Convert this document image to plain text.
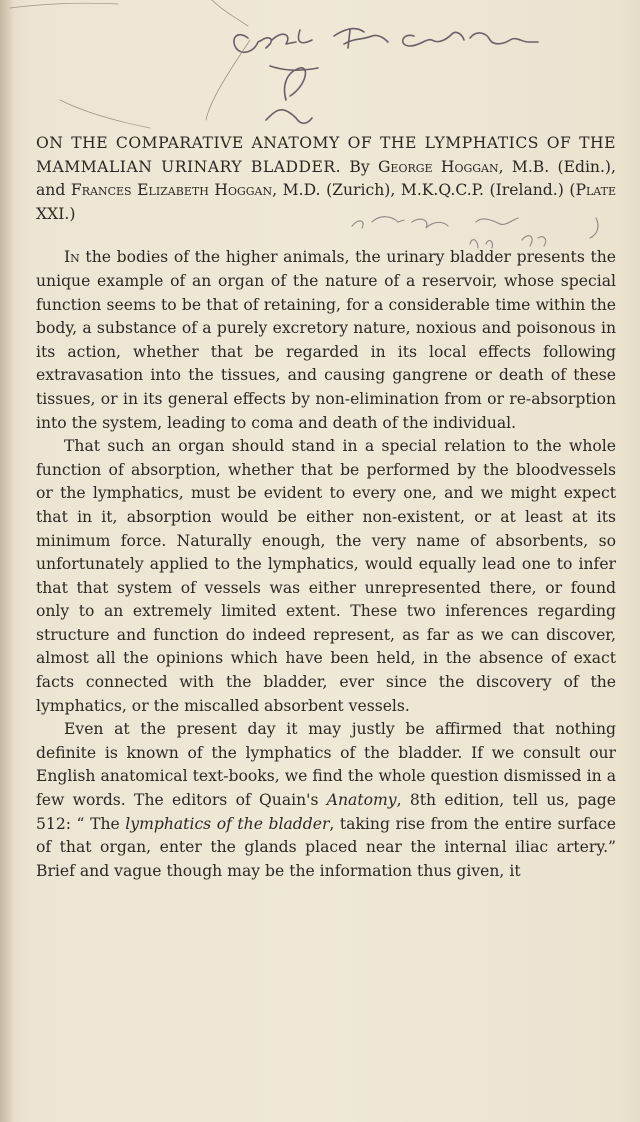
ON THE COMPARATIVE ANATOMY OF THE LYMPHATICS OF THE MAMMALIAN URINARY BLADDER. By George Hoggan, M.B. (Edin.), and Frances Elizabeth Hoggan, M.D. (Zurich), M.K.Q.C.P. (Ireland.) (Plate XXI.)

In the bodies of the higher animals, the urinary bladder presents the unique example of an organ of the nature of a reservoir, whose special function seems to be that of retaining, for a considerable time within the body, a substance of a purely excretory nature, noxious and poisonous in its action, whether that be regarded in its local effects following extravasation into the tissues, and causing gangrene or death of these tissues, or in its general effects by non-elimination from or re-absorption into the system, leading to coma and death of the individual.

That such an organ should stand in a special relation to the whole function of absorption, whether that be performed by the bloodvessels or the lymphatics, must be evident to every one, and we might expect that in it, absorption would be either non-existent, or at least at its minimum force. Naturally enough, the very name of absorbents, so unfortunately applied to the lymphatics, would equally lead one to infer that that system of vessels was either unrepresented there, or found only to an extremely limited extent. These two inferences regarding structure and function do indeed represent, as far as we can discover, almost all the opinions which have been held, in the absence of exact facts connected with the bladder, ever since the discovery of the lymphatics, or the miscalled absorbent vessels.

Even at the present day it may justly be affirmed that nothing definite is known of the lymphatics of the bladder. If we consult our English anatomical text-books, we find the whole question dismissed in a few words. The editors of Quain's Anatomy, 8th edition, tell us, page 512: “ The lymphatics of the bladder, taking rise from the entire surface of that organ, enter the glands placed near the internal iliac artery.” Brief and vague though may be the information thus given, it
